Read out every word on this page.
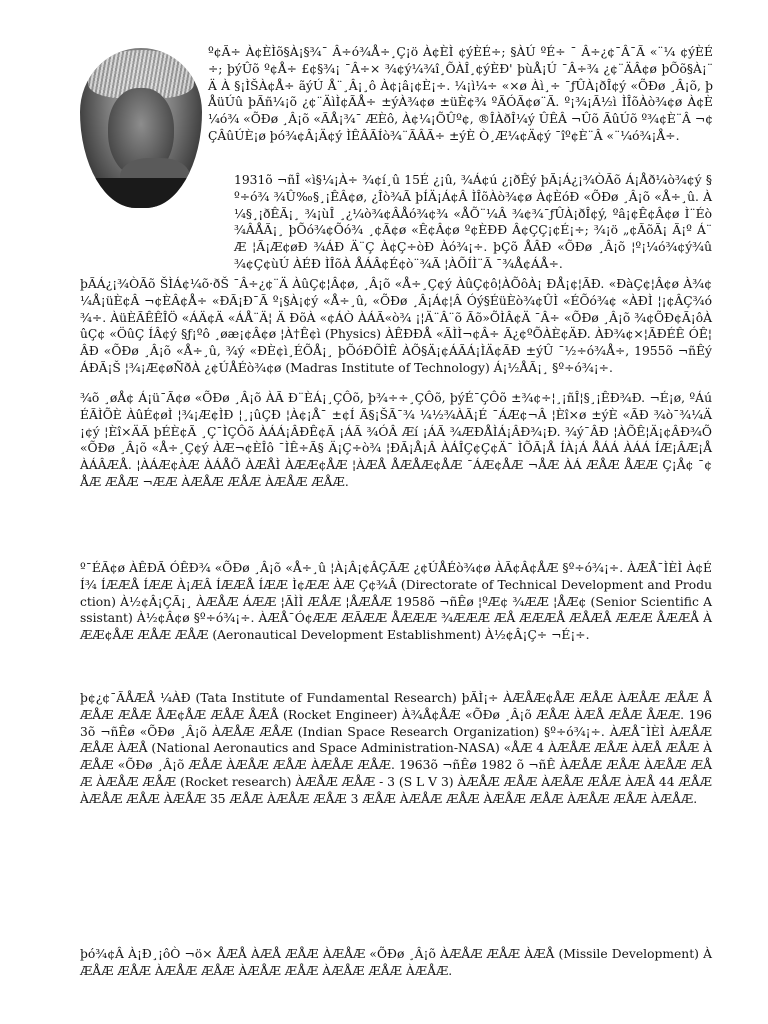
º¢Ã÷ À¢ÈÌõ§À¡§¾¯ Â÷ó¾Å÷¸Ç¡ö À¢ÈÌ ¢ýÈÉ÷; §ÀÚ ºÉ÷ ¯ Â÷¿¢¯Â¯Ã «¨¼ ¢ýÈÉ÷; þýÛõ º¢Å÷ £¢§¾¡ ¯Â÷× ¾¢ý¼¾î¸ÕÀÎ¸¢ýÈÐ' þùÅ¡Ú ¯Â÷¾ ¿¢¨ÄÂ¢ø þÕõ§À¡¨Ä À §¡ÌŠÀ¢Å÷ ãýÚ Å¨¸Â¡¸ô À¢¡â¡¢È¡÷. ¼¡ì¼÷ «×ø Àì¸÷ ¯ƒÛÀ¡ðÎ¢ý «ÕÐø ¸Â¡õ, þÅüÚû þÃñ¼¡õ ¿¢¨ÄìÌ¢ÃÅ÷ ±ýÀ¾¢ø ±üÈ¢¾ ºÃÓÃ¢ø¨Ã. º¡¾¡Ã½ì ÌÎõÀò¾¢ø À¢È¼ó¾ «ÕÐø ¸Â¡õ «ÃÅ¡¾¯ ÆÈô, À¢¼¡ÕÛº¢, ®ÎÀðÎ¼ý ÛÊÂ ¬Ûõ ÃûÚõ º¾¢È¨Â ¬¢ÇÂûÚÈ¡ø þó¾¢Â¡Ä¢ý ÌÊÂÃÍò¾¨ÃÂÃ÷ ±ýÈ Ò¸Æ¼¢Ä¢ý ¯îº¢È¨Â «¨¼ó¾¡Å÷.

1931õ ¬ñÎ «ì§¼¡À÷ ¾¢í¸û 15É ¿¡û, ¾Á¢ú ¿¡ðÊý þÃ¡Á¿¡¾ÒÃõ Á¡Åð¼ò¾¢ý §º÷ó¾ ¾Û‰§¸¡ÊÂ¢ø, ¿Îò¾Ã þÍÄ¡Á¢Â ÌÎõÀò¾¢ø À¢ÈóÐ «ÕÐø ¸Â¡õ «Å÷¸û. À¼§¸¡ðÊÃ¡¸ ¾¡ùÎ ¸¿¼ò¾¢ÂÅó¾¢¾ «ÅÕ¨¼Â ¾¢¾¯ƒÛÀ¡ðÎ¢ý, ºâ¡¢Ê¢Â¢ø Ì¨Éò¾ÂÅÃ¡¸ þÕó¾¢Õó¾ ¸¢Ã¢ø «Ê¢Â¢ø º¢ÈÐÐ Â¢ÇÇ¡¢É¡÷; ¾¡ö „¢ÃõÃ¡ Ã¡º Á¨Æ ¦Ã¡Æ¢øÐ ¾ÁÐ Ä¨Ç À¢Ç÷òÐ Àó¾¡÷. þÇõ ÅÂÐ «ÕÐø ¸Â¡õ ¦º¡¼ó¾¢ý¾û ¾¢Ç¢ùÚ ÀÉÐ ÌÎõÀ ÅÁÂ¢É¢ò¨¾Ã ¦ÀÕÍÌ¨Ã ¯¾Å¢ÁÅ÷.

þÃÁ¿¡¾ÒÃõ ŠÌÁ¢¼õ·ðŠ ¯Â÷¿¢¨Ä ÀûÇ¢¦Â¢ø, ¸Â¡õ «Å÷¸Ç¢ý ÀûÇ¢ô¦ÀÕôÀ¡ ÐÅ¡¢¦ÃÐ. «ÐàÇ¢¦Â¢ø À¾¢¼Å¡üÈ¢Â ¬¢ÈÂ¢Å÷ «ÐÃ¡Ð¯Ã º¡§À¡¢ý «Å÷¸û, «ÕÐø ¸Â¡Á¢¦Â Óý§ÉüÈò¾¢ÛÌ «ÉÕó¾¢ «ÀÐÌ ¦¡¢ÂÇ¾ó¾÷. ÀüÈÃÊÊÎÖ «ÁÄ¢Ä «ÁÅ¨Ä¦ Ä ÐõÀ «¢ÁÒ ÀÁÃ«ò¾ ¡¦Ä¨Â¨õ Ãõ»ÕÌÂ¢Ä ¯Â÷ «ÕÐø ¸Â¡õ ¾¢ÕÐ¢Ã¡ôÀûÇ¢ «ÖûÇ ÍÂ¢ý §ƒ¡ºô ¸øæ¡¢Â¢ø ¦À†Ê¢ì (Physics) ÀÊÐÐÅ «ÃÌÌ¬¢Â÷ Ã¿¢ºÕÀÈ¢ÄÐ. ÀÐ¾¢×¦ÃÐÉÊ ÓÊ¦ÂÐ «ÕÐø ¸Â¡õ «Å÷¸û, ¾ý «ÐÈ¢ì¸ÉÕÅ¡¸ þÕóÐÕÌÊ ÀÕ§Ä¡¢ÁÃÁ¡ÌÄ¢ÃÐ ±ýÛ ¯½÷ó¾Å÷, 1955õ ¬ñÊý ÁÐÃ¡Š ¦¾¡Æ¢øÑðÀ ¿¢ÚÅÉò¾¢ø (Madras Institute of Technology) Á¡½ÅÃ¡¸ §º÷ó¾¡÷.

¾õ ¸øÅ¢ Á¡ü¯Ã¢ø «ÕÐø ¸Â¡õ ÀÃ Ð¨ÈÁ¡¸ÇÔõ, þ¾÷÷¸ÇÔõ, þýÉ¯ÇÔõ ±¾¢÷¦¸¡ñÎ¦§¸¡ÊÐ¾Ð. ¬É¡ø, ºÁúÉÃÌÕÈ ÀûÉ¢øÌ ¦¾¡Æ¢ÌÐ ¦¸¡ûÇÐ ¦À¢¡Å¯ ±¢Í Ã§¡ŠÃ¯¾ ¼½¾ÀÃ¡É ¯ÁÆ¢¬Â ¦Èî×ø ±ýÈ «ÃÐ ¾ò¯¾¼Ä¡¢ý ¦Èî×ÄÃ þÉÈ¢Ã ¸Ç¯ÌÇÔõ ÀÁÁ¡ÂÐÊ¢Ã ¡ÁÃ ¾ÓÂ Æí ¡ÁÃ ¾ÆÐÅÌÁ¡ÂÐ¾¡Ð. ¾ý¯ÂÐ ¦ÀÕÊ¦Ä¡¢ÂÐ¾Õ «ÕÐø ¸Â¡õ «Å÷¸Ç¢ý ÀÆ¬¢ÈÎô ¯ÌÊ÷Ã§ Ä¡Ç÷ò¾ ¦ÐÃ¡Å¡Â ÀÁÎÇ¢Ç¢Ä¯ ÌÕÃ¡Å ÍÀ¡Á ÅÁÁ ÀÁÁ ÍÆ¡ÂÆ¡Å ÀÁÂÆÅ. ¦ÀÁÆ¢ÀÆ ÀÁÅÕ ÀÆÅÌ ÀÆÆ¢ÅÆ ¦ÀÆÅ ÅÆÅÆ¢ÅÆ ¯ÁÆ¢ÅÆ ¬ÅÆ ÀÁ ÆÅÆ ÅÆÆ Ç¡Å¢ ¯¢ÅÆ ÆÅÆ ¬ÆÆ ÀÆÅÆ ÆÅÆ ÀÆÅÆ ÆÅÆ.

º¯ÉÃ¢ø ÀÊÐÃ ÓÊÐ¾ «ÕÐø ¸Â¡õ «Å÷¸û ¦À¡Â¡¢ÂÇÃÆ ¿¢ÚÅÉò¾¢ø ÀÃ¢Â¢ÅÆ §º÷ó¾¡÷. ÀÆÅ¯ÌÈÌ À¢ÉÍ¾ ÍÆÆÅ ÍÆÆ À¡ÆÂ ÍÆÆÅ ÍÆÆ Ì¢ÆÆ ÀÆ Ç¢¾Â (Directorate of Technical Development and Production) À½¢Â¡ÇÃ¡¸ ÀÆÅÆ ÁÆÆ ¦ÃÌÌ ÆÅÆ ¦ÅÆÅÆ 1958õ ¬ñÊø ¦ºÆ¢ ¾ÆÆ ¦ÅÆ¢ (Senior Scientific Assistant) À½¢Â¢ø §º÷ó¾¡÷. ÀÆÅ¯Ó¢ÆÆ ÆÃÆÆ ÅÆÆÆ ¾ÆÆÆ ÆÅ ÆÆÆÅ ÆÅÆÅ ÆÆÆ ÅÆÆÅ ÀÆÆ¢ÅÆ ÆÅÆ ÆÅÆ (Aeronautical Development Establishment) À½¢Â¡Ç÷ ¬É¡÷.

þ¢¿¢¯ÃÅÆÅ ¼ÀÐ (Tata Institute of Fundamental Research) þÃÌ¡÷ ÀÆÅÆ¢ÅÆ ÆÅÆ ÀÆÅÆ ÆÅÆ ÅÆÅÆ ÆÅÆ ÅÆ¢ÅÆ ÆÅÆ ÅÆÅ (Rocket Engineer) À¾Å¢ÅÆ «ÕÐø ¸Â¡õ ÆÅÆ ÀÆÅ ÆÅÆ ÅÆÆ. 1963õ ¬ñÊø «ÕÐø ¸Â¡õ ÀÆÅÆ ÆÅÆ (Indian Space Research Organization) §º÷ó¾¡÷. ÀÆÅ¯ÌÈÌ ÀÆÅÆ ÆÅÆ ÀÆÅ (National Aeronautics and Space Administration-NASA) «ÅÆ 4 ÀÆÅÆ ÆÅÆ ÀÆÅ ÆÅÆ ÀÆÅÆ «ÕÐø ¸Â¡õ ÆÅÆ ÀÆÅÆ ÆÅÆ ÀÆÅÆ ÆÅÆ. 1963õ ¬ñÊø 1982 õ ¬ñÊ ÀÆÅÆ ÆÅÆ ÀÆÅÆ ÆÅÆ ÀÆÅÆ ÆÅÆ (Rocket research) ÀÆÅÆ ÆÅÆ - 3 (S L V 3) ÀÆÅÆ ÆÅÆ ÀÆÅÆ ÆÅÆ ÀÆÅ 44 ÆÅÆ ÀÆÅÆ ÆÅÆ ÀÆÅÆ 35 ÆÅÆ ÀÆÅÆ ÆÅÆ 3 ÆÅÆ ÀÆÅÆ ÆÅÆ ÀÆÅÆ ÆÅÆ ÀÆÅÆ ÆÅÆ ÀÆÅÆ.

þó¾¢Â À¡Ð¸¡ôÒ ¬ö× ÅÆÅ ÀÆÅ ÆÅÆ ÀÆÅÆ «ÕÐø ¸Â¡õ ÀÆÅÆ ÆÅÆ ÀÆÅ (Missile Development) ÀÆÅÆ ÆÅÆ ÀÆÅÆ ÆÅÆ ÀÆÅÆ ÆÅÆ ÀÆÅÆ ÆÅÆ ÀÆÅÆ.
